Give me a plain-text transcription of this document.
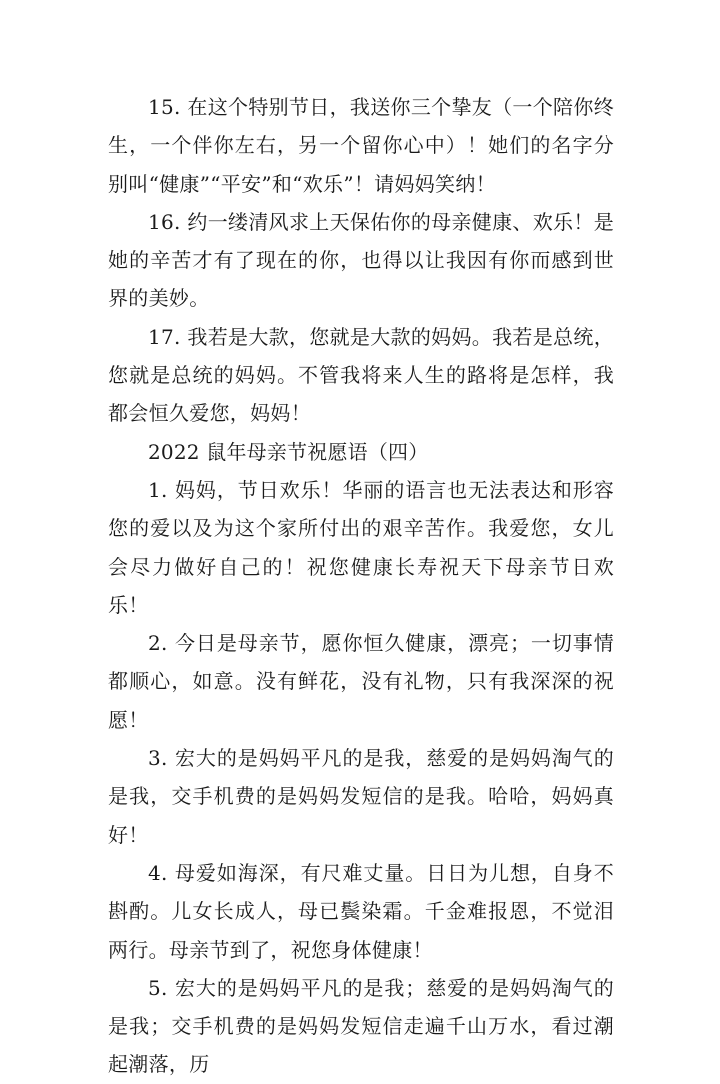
15. 在这个特别节日，我送你三个挚友（一个陪你终生，一个伴你左右，另一个留你心中）！她们的名字分别叫“健康”“平安”和“欢乐”！请妈妈笑纳！

16. 约一缕清风求上天保佑你的母亲健康、欢乐！是她的辛苦才有了现在的你，也得以让我因有你而感到世界的美妙。

17. 我若是大款，您就是大款的妈妈。我若是总统，您就是总统的妈妈。不管我将来人生的路将是怎样，我都会恒久爱您，妈妈！

2022 鼠年母亲节祝愿语（四）

1. 妈妈，节日欢乐！华丽的语言也无法表达和形容您的爱以及为这个家所付出的艰辛苦作。我爱您，女儿会尽力做好自己的！祝您健康长寿祝天下母亲节日欢乐！

2. 今日是母亲节，愿你恒久健康，漂亮；一切事情都顺心，如意。没有鲜花，没有礼物，只有我深深的祝愿！

3. 宏大的是妈妈平凡的是我，慈爱的是妈妈淘气的是我，交手机费的是妈妈发短信的是我。哈哈，妈妈真好！

4. 母爱如海深，有尺难丈量。日日为儿想，自身不斟酌。儿女长成人，母已鬓染霜。千金难报恩，不觉泪两行。母亲节到了，祝您身体健康！

5. 宏大的是妈妈平凡的是我；慈爱的是妈妈淘气的是我；交手机费的是妈妈发短信走遍千山万水，看过潮起潮落，历
